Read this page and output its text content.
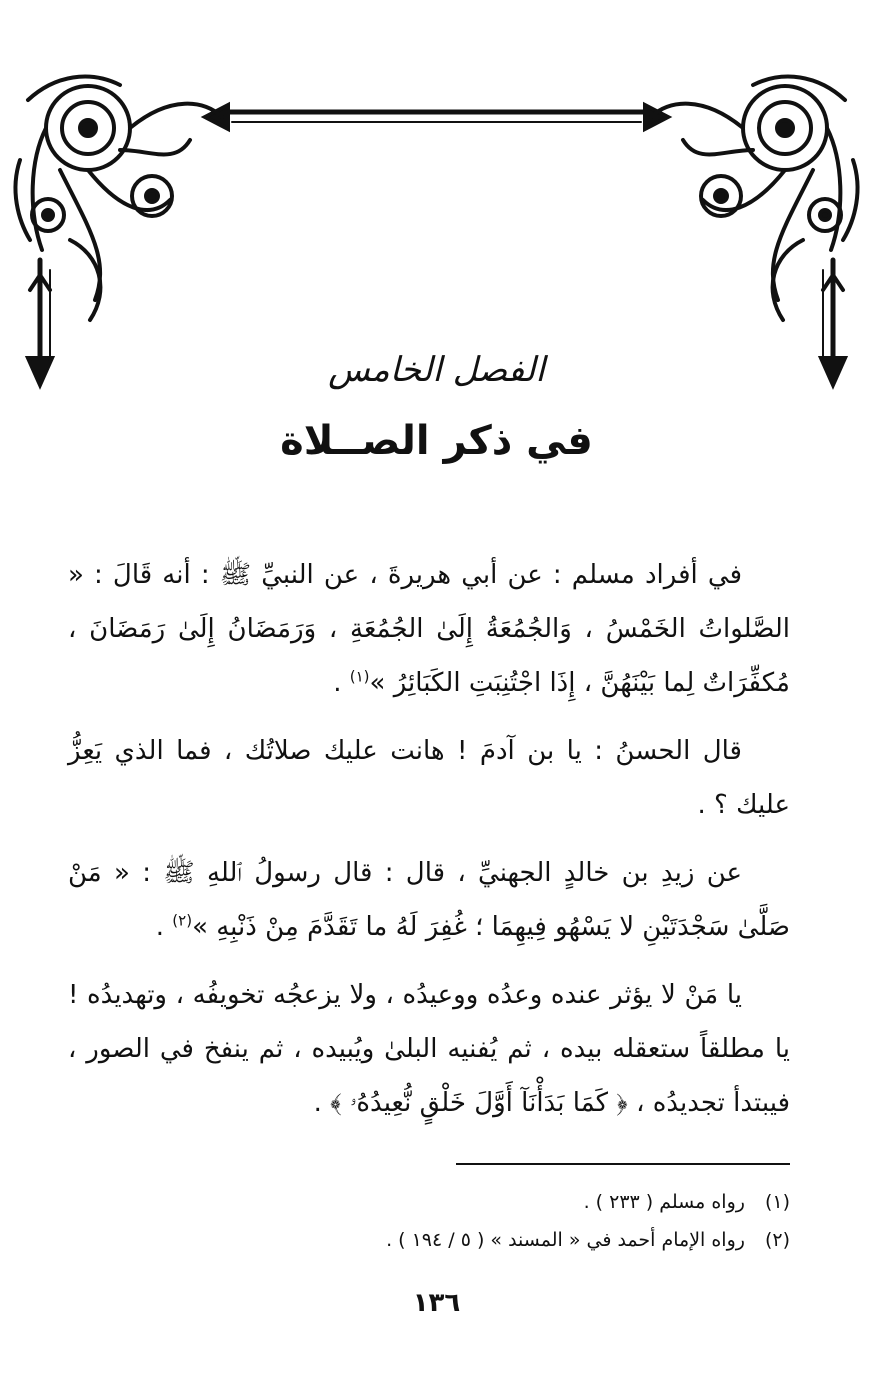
الفصل الخامس
في ذكر الصــلاة

في أفراد مسلم : عن أبي هريرةَ ، عن النبيِّ ﷺ : أنه قَالَ : « الصَّلواتُ الخَمْسُ ، وَالجُمُعَةُ إِلَىٰ الجُمُعَةِ ، وَرَمَضَانُ إِلَىٰ رَمَضَانَ ، مُكفِّرَاتٌ لِما بَيْنَهُنَّ ، إِذَا اجْتُنِبَتِ الكَبَائِرُ »$^{(١)}$ .

قال الحسنُ : يا بن آدمَ ! هانت عليك صلاتُك ، فما الذي يَعِزُّ عليك ؟ .

عن زيدِ بن خالدٍ الجهنيِّ ، قال : قال رسولُ ٱللهِ ﷺ : « مَنْ صَلَّىٰ سَجْدَتَيْنِ لا يَسْهُو فِيهِمَا ؛ غُفِرَ لَهُ ما تَقَدَّمَ مِنْ ذَنْبِهِ »$^{(٢)}$ .

يا مَنْ لا يؤثر عنده وعدُه ووعيدُه ، ولا يزعجُه تخويفُه ، وتهديدُه ! يا مطلقاً ستعقله بيده ، ثم يُفنيه البلىٰ ويُبيده ، ثم ينفخ في الصور ، فيبتدأ تجديدُه ، ﴿ كَمَا بَدَأْنَآ أَوَّلَ خَلْقٍ نُّعِيدُهُۥ ﴾ .

(١)
رواه مسلم ( ٢٣٣ ) .
(٢)
رواه الإمام أحمد في « المسند » ( ٥ / ١٩٤ ) .
١٣٦
